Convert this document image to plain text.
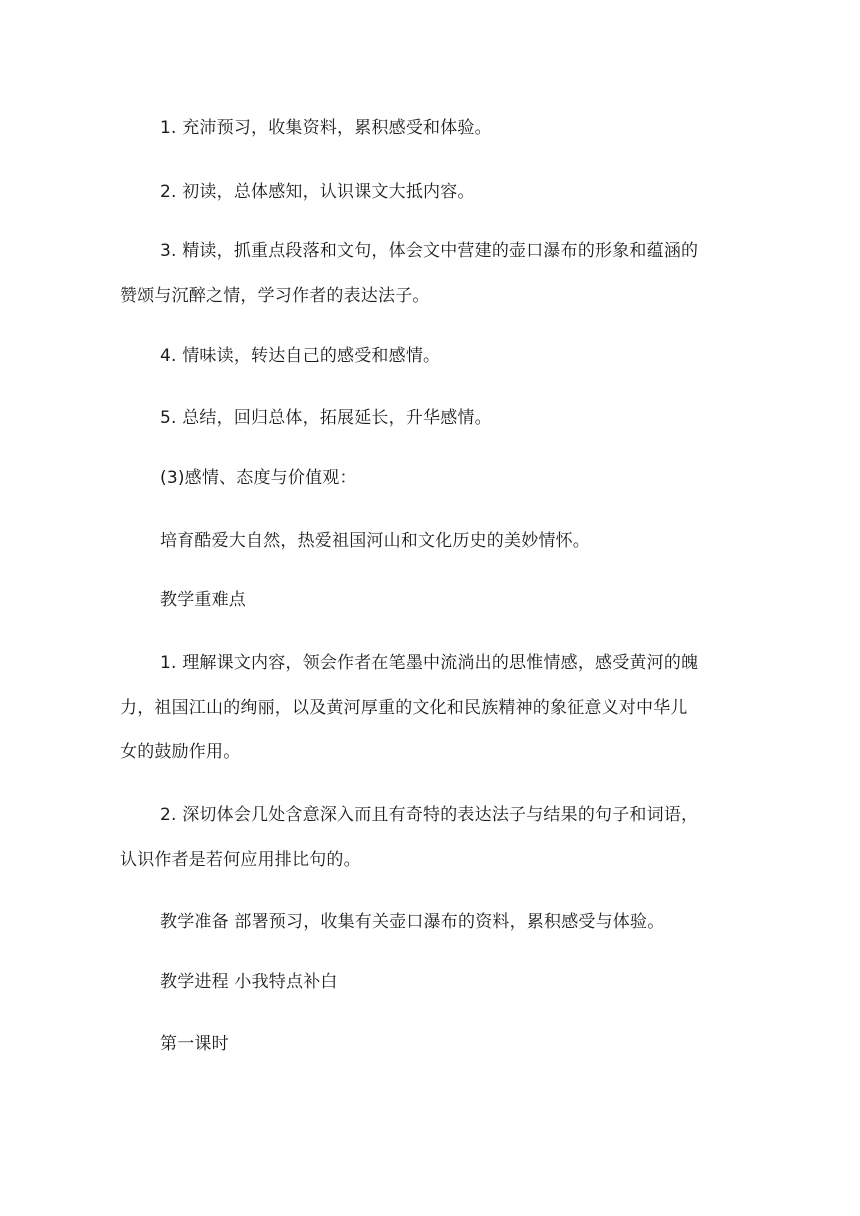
1. 充沛预习，收集资料，累积感受和体验。
2. 初读，总体感知，认识课文大抵内容。
3. 精读，抓重点段落和文句，体会文中营建的壶口瀑布的形象和蕴涵的
赞颂与沉醉之情，学习作者的表达法子。
4. 情味读，转达自己的感受和感情。
5. 总结，回归总体，拓展延长，升华感情。
(3)感情、态度与价值观：
培育酷爱大自然，热爱祖国河山和文化历史的美妙情怀。
教学重难点
1. 理解课文内容，领会作者在笔墨中流淌出的思惟情感，感受黄河的魄
力，祖国江山的绚丽，以及黄河厚重的文化和民族精神的象征意义对中华儿
女的鼓励作用。
2. 深切体会几处含意深入而且有奇特的表达法子与结果的句子和词语，
认识作者是若何应用排比句的。
教学准备 部署预习，收集有关壶口瀑布的资料，累积感受与体验。
教学进程 小我特点补白
第一课时
